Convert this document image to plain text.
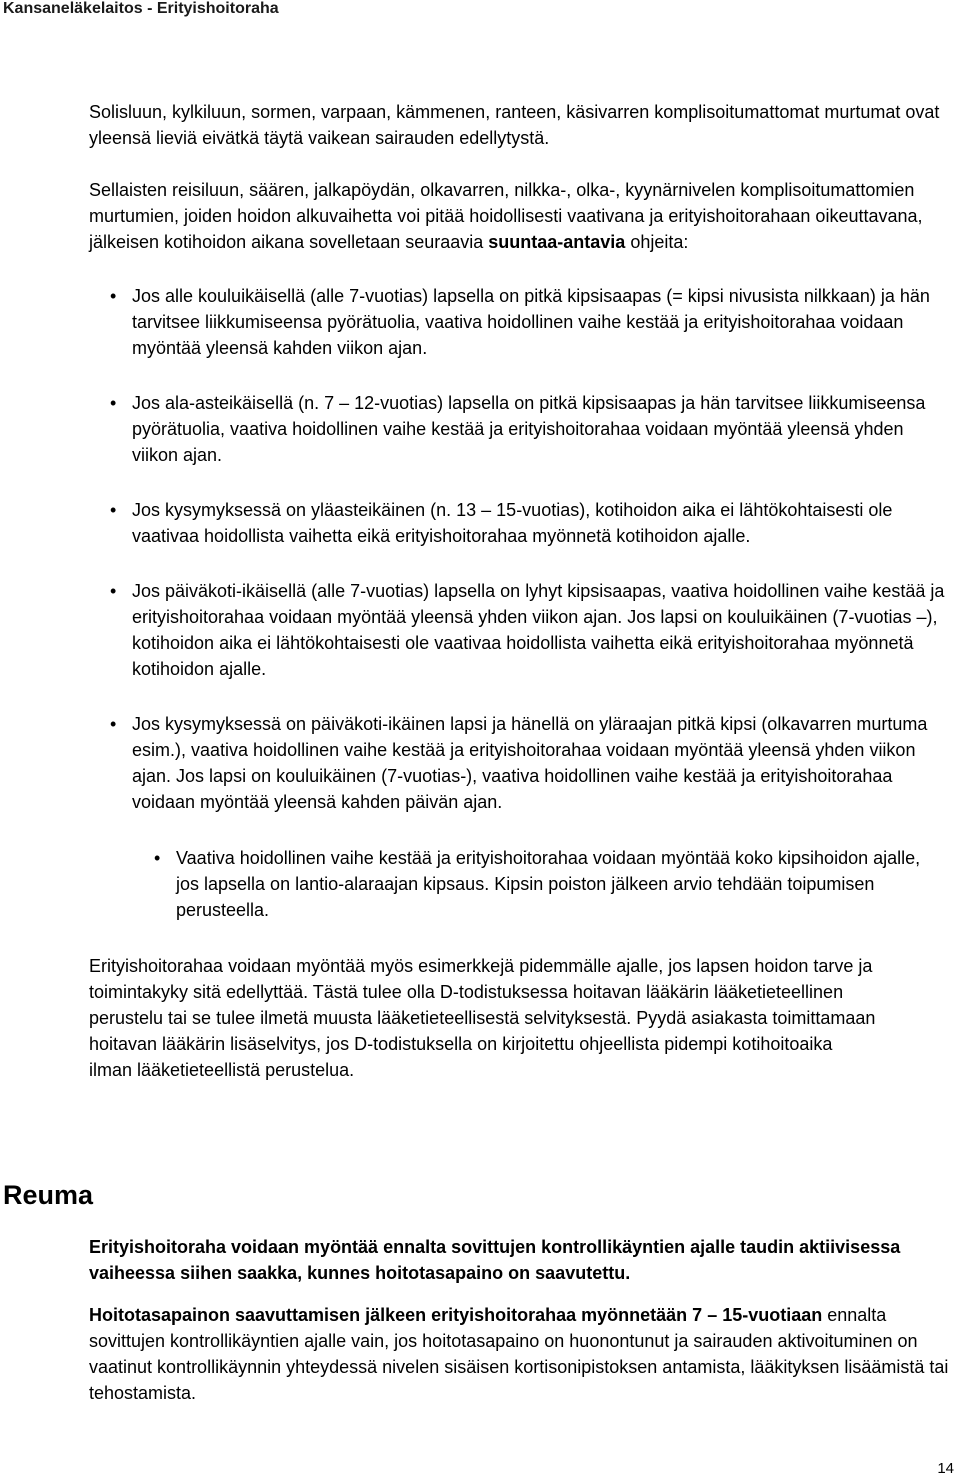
Kansaneläkelaitos - Erityishoitoraha

Solisluun, kylkiluun, sormen, varpaan, kämmenen, ranteen, käsivarren komplisoitumattomat murtumat ovat yleensä lieviä eivätkä täytä vaikean sairauden edellytystä.

Sellaisten reisiluun, säären, jalkapöydän, olkavarren, nilkka-, olka-, kyynärnivelen komplisoitumattomien murtumien, joiden hoidon alkuvaihetta voi pitää hoidollisesti vaativana ja erityishoitorahaan oikeuttavana, jälkeisen kotihoidon aikana sovelletaan seuraavia suuntaa-antavia ohjeita:

• Jos alle kouluikäisellä (alle 7-vuotias) lapsella on pitkä kipsisaapas (= kipsi nivusista nilkkaan) ja hän tarvitsee liikkumiseensa pyörätuolia, vaativa hoidollinen vaihe kestää ja erityishoitorahaa voidaan myöntää yleensä kahden viikon ajan.
• Jos ala-asteikäisellä (n. 7 – 12-vuotias) lapsella on pitkä kipsisaapas ja hän tarvitsee liikkumiseensa pyörätuolia, vaativa hoidollinen vaihe kestää ja erityishoitorahaa voidaan myöntää yleensä yhden viikon ajan.
• Jos kysymyksessä on yläasteikäinen (n. 13 – 15-vuotias), kotihoidon aika ei lähtökohtaisesti ole vaativaa hoidollista vaihetta eikä erityishoitorahaa myönnetä kotihoidon ajalle.
• Jos päiväkoti-ikäisellä (alle 7-vuotias) lapsella on lyhyt kipsisaapas, vaativa hoidollinen vaihe kestää ja erityishoitorahaa voidaan myöntää yleensä yhden viikon ajan. Jos lapsi on kouluikäinen (7-vuotias –), kotihoidon aika ei lähtökohtaisesti ole vaativaa hoidollista vaihetta eikä erityishoitorahaa myönnetä kotihoidon ajalle.
• Jos kysymyksessä on päiväkoti-ikäinen lapsi ja hänellä on yläraajan pitkä kipsi (olkavarren murtuma esim.), vaativa hoidollinen vaihe kestää ja erityishoitorahaa voidaan myöntää yleensä yhden viikon ajan. Jos lapsi on kouluikäinen (7-vuotias-), vaativa hoidollinen vaihe kestää ja erityishoitorahaa voidaan myöntää yleensä kahden päivän ajan.
• Vaativa hoidollinen vaihe kestää ja erityishoitorahaa voidaan myöntää koko kipsihoidon ajalle, jos lapsella on lantio-alaraajan kipsaus. Kipsin poiston jälkeen arvio tehdään toipumisen perusteella.

Erityishoitorahaa voidaan myöntää myös esimerkkejä pidemmälle ajalle, jos lapsen hoidon tarve ja toimintakyky sitä edellyttää. Tästä tulee olla D-todistuksessa hoitavan lääkärin lääketieteellinen perustelu tai se tulee ilmetä muusta lääketieteellisestä selvityksestä. Pyydä asiakasta toimittamaan hoitavan lääkärin lisäselvitys, jos D-todistuksella on kirjoitettu ohjeellista pidempi kotihoitoaika ilman lääketieteellistä perustelua.

Reuma

Erityishoitoraha voidaan myöntää ennalta sovittujen kontrollikäyntien ajalle taudin aktiivisessa vaiheessa siihen saakka, kunnes hoitotasapaino on saavutettu.

Hoitotasapainon saavuttamisen jälkeen erityishoitorahaa myönnetään 7 – 15-vuotiaan ennalta sovittujen kontrollikäyntien ajalle vain, jos hoitotasapaino on huonontunut ja sairauden aktivoituminen on vaatinut kontrollikäynnin yhteydessä nivelen sisäisen kortisonipistoksen antamista, lääkityksen lisäämistä tai tehostamista.

14
